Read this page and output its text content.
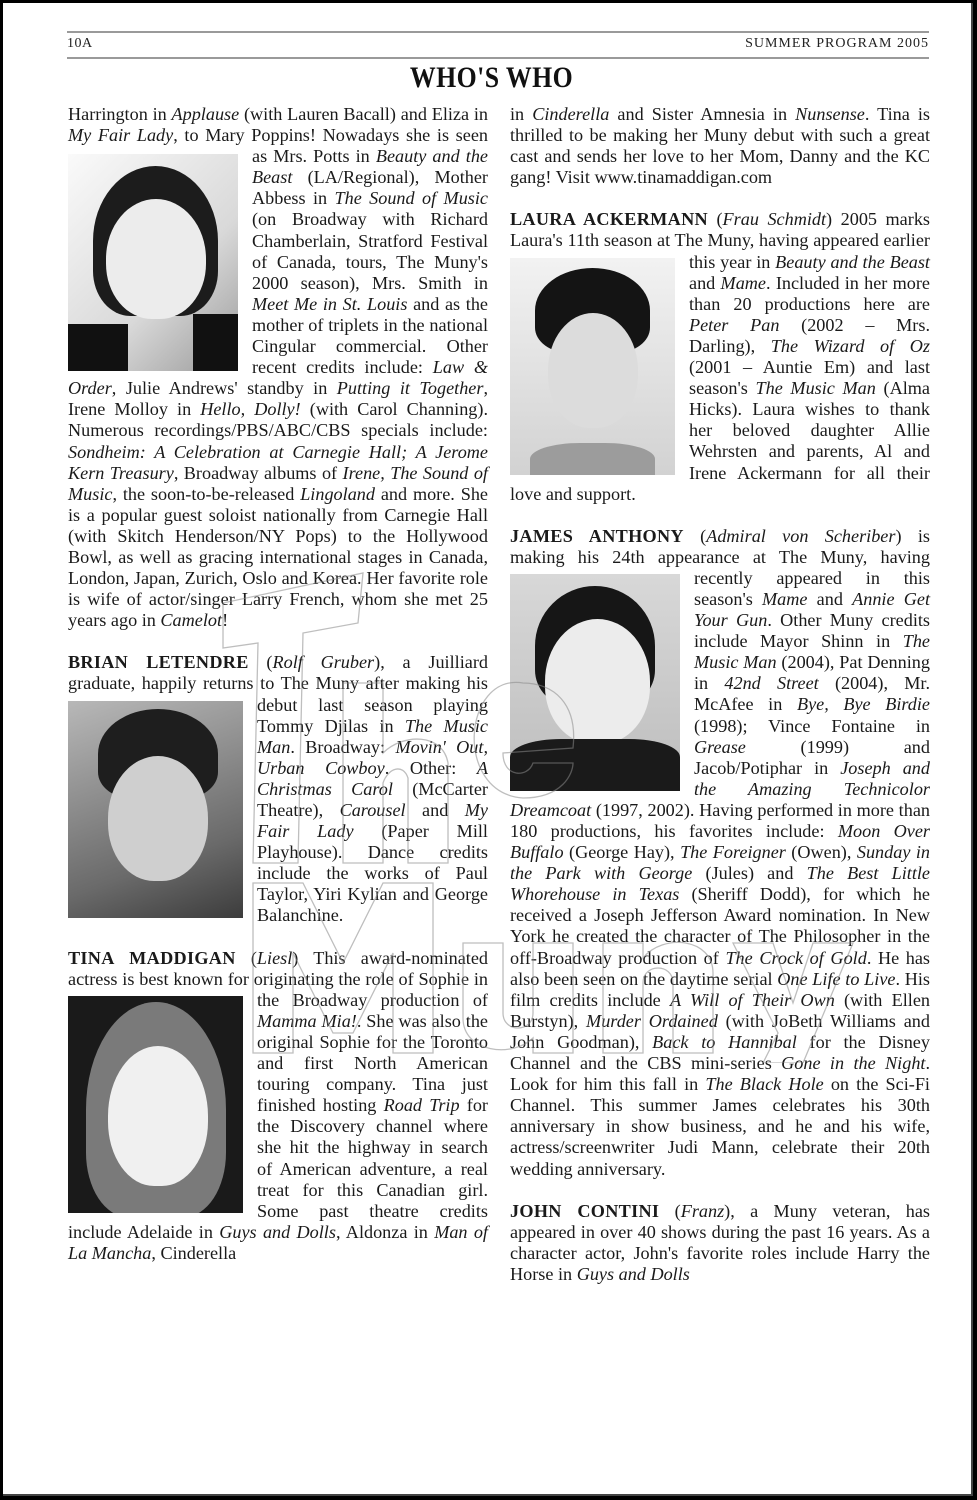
10A	SUMMER PROGRAM 2005
WHO'S WHO

Harrington in Applause (with Lauren Bacall) and Eliza in My Fair Lady, to Mary Poppins!
Nowadays she is seen as Mrs. Potts in Beauty and the Beast (LA/Regional), Mother Abbess in The Sound of Music (on Broadway with Richard Chamberlain, Stratford Festival of Canada, tours, The Muny's 2000 season), Mrs. Smith in Meet Me in St. Louis and as the mother of triplets in the national Cingular commercial. Other recent credits include: Law & Order, Julie Andrews' standby in Putting it Together, Irene Molloy in Hello, Dolly! (with Carol Channing). Numerous recordings/PBS/ABC/CBS specials include: Sondheim: A Celebration at Carnegie Hall; A Jerome Kern Treasury, Broadway albums of Irene, The Sound of Music, the soon-to-be-released Lingoland and more. She is a popular guest soloist nationally from Carnegie Hall (with Skitch Henderson/NY Pops) to the Hollywood Bowl, as well as gracing international stages in Canada, London, Japan, Zurich, Oslo and Korea. Her favorite role is wife of actor/singer Larry French, whom she met 25 years ago in Camelot!

BRIAN LETENDRE (Rolf Gruber), a Juilliard graduate, happily returns to The Muny after
making his debut last season playing Tommy Djilas in The Music Man. Broadway: Movin' Out, Urban Cowboy. Other: A Christmas Carol (McCarter Theatre), Carousel and My Fair Lady (Paper Mill Playhouse). Dance credits include the works of Paul Taylor, Yiri Kylian and George Balanchine.

TINA MADDIGAN (Liesl) This award-nominated actress is best known for originating
the role of Sophie in the Broadway production of Mamma Mia!. She was also the original Sophie for the Toronto and first North American touring company. Tina just finished hosting Road Trip for the Discovery channel where she hit the highway in search of American adventure, a real treat for this Canadian girl. Some past theatre credits include Adelaide in Guys and Dolls, Aldonza in Man of La Mancha, Cinderella

in Cinderella and Sister Amnesia in Nunsense. Tina is thrilled to be making her Muny debut with such a great cast and sends her love to her Mom, Danny and the KC gang! Visit www.tinamaddigan.com

LAURA ACKERMANN (Frau Schmidt) 2005 marks Laura's 11th season at The Muny, having
appeared earlier this year in Beauty and the Beast and Mame. Included in her more than 20 productions here are Peter Pan (2002 – Mrs. Darling), The Wizard of Oz (2001 – Auntie Em) and last season's The Music Man (Alma Hicks). Laura wishes to thank her beloved daughter Allie Wehrsten and parents, Al and Irene Ackermann for all their love and support.

JAMES ANTHONY (Admiral von Scheriber) is making his 24th appearance at The Muny,
having recently appeared in this season's Mame and Annie Get Your Gun. Other Muny credits include Mayor Shinn in The Music Man (2004), Pat Denning in 42nd Street (2004), Mr. McAfee in Bye, Bye Birdie (1998); Vince Fontaine in Grease (1999) and Jacob/Potiphar in Joseph and the Amazing Technicolor Dreamcoat (1997, 2002). Having performed in more than 180 productions, his favorites include: Moon Over Buffalo (George Hay), The Foreigner (Owen), Sunday in the Park with George (Jules) and The Best Little Whorehouse in Texas (Sheriff Dodd), for which he received a Joseph Jefferson Award nomination. In New York he created the character of The Philosopher in the off-Broadway production of The Crock of Gold. He has also been seen on the daytime serial One Life to Live. His film credits include A Will of Their Own (with Ellen Burstyn), Murder Ordained (with JoBeth Williams and John Goodman), Back to Hannibal for the Disney Channel and the CBS mini-series Gone in the Night. Look for him this fall in The Black Hole on the Sci-Fi Channel. This summer James celebrates his 30th anniversary in show business, and he and his wife, actress/screenwriter Judi Mann, celebrate their 20th wedding anniversary.

JOHN CONTINI (Franz), a Muny veteran, has appeared in over 40 shows during the past 16 years. As a character actor, John's favorite roles include Harry the Horse in Guys and Dolls
